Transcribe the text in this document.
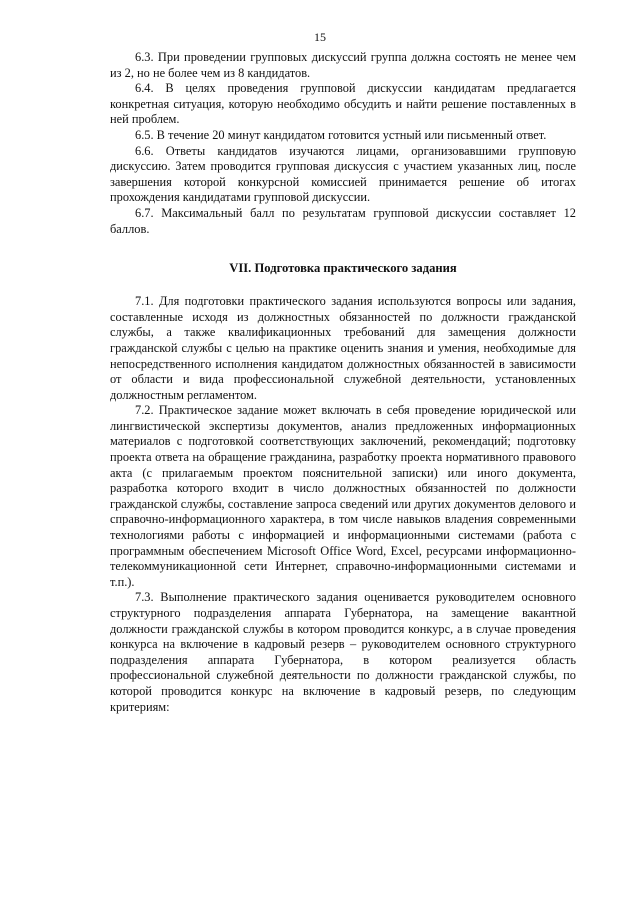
15

6.3. При проведении групповых дискуссий группа должна состоять не менее чем из 2, но не более чем из 8 кандидатов.

6.4. В целях проведения групповой дискуссии кандидатам предлагается конкретная ситуация, которую необходимо обсудить и найти решение поставленных в ней проблем.

6.5. В течение 20 минут кандидатом готовится устный или письменный ответ.

6.6. Ответы кандидатов изучаются лицами, организовавшими групповую дискуссию. Затем проводится групповая дискуссия с участием указанных лиц, после завершения которой конкурсной комиссией принимается решение об итогах прохождения кандидатами групповой дискуссии.

6.7. Максимальный балл по результатам групповой дискуссии составляет 12 баллов.

VII. Подготовка практического задания

7.1. Для подготовки практического задания используются вопросы или задания, составленные исходя из должностных обязанностей по должности гражданской службы, а также квалификационных требований для замещения должности гражданской службы с целью на практике оценить знания и умения, необходимые для непосредственного исполнения кандидатом должностных обязанностей в зависимости от области и вида профессиональной служебной деятельности, установленных должностным регламентом.

7.2. Практическое задание может включать в себя проведение юридической или лингвистической экспертизы документов, анализ предложенных информационных материалов с подготовкой соответствующих заключений, рекомендаций; подготовку проекта ответа на обращение гражданина, разработку проекта нормативного правового акта (с прилагаемым проектом пояснительной записки) или иного документа, разработка которого входит в число должностных обязанностей по должности гражданской службы, составление запроса сведений или других документов делового и справочно-информационного характера, в том числе навыков владения современными технологиями работы с информацией и информационными системами (работа с программным обеспечением Microsoft Office Word, Excel, ресурсами информационно-телекоммуникационной сети Интернет, справочно-информационными системами и т.п.).

7.3. Выполнение практического задания оценивается руководителем основного структурного подразделения аппарата Губернатора, на замещение вакантной должности гражданской службы в котором проводится конкурс, а в случае проведения конкурса на включение в кадровый резерв – руководителем основного структурного подразделения аппарата Губернатора, в котором реализуется область профессиональной служебной деятельности по должности гражданской службы, по которой проводится конкурс на включение в кадровый резерв, по следующим критериям:
